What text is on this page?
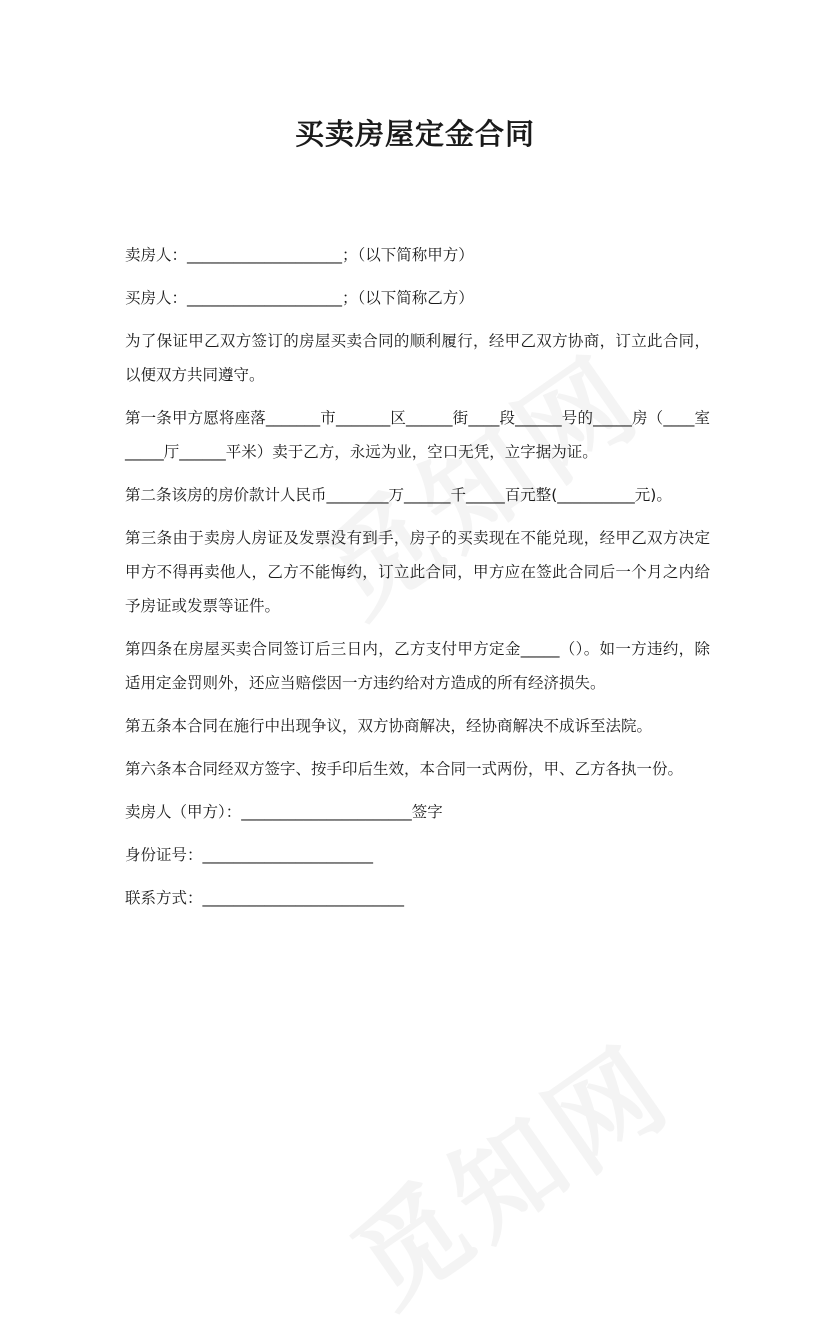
买卖房屋定金合同

卖房人：____________________；（以下简称甲方）

买房人：____________________；（以下简称乙方）

为了保证甲乙双方签订的房屋买卖合同的顺利履行，经甲乙双方协商，订立此合同，以便双方共同遵守。

第一条甲方愿将座落_______市_______区______街____段______号的_____房（____室_____厅______平米）卖于乙方，永远为业，空口无凭，立字据为证。

第二条该房的房价款计人民币________万______千_____百元整(__________元)。

第三条由于卖房人房证及发票没有到手，房子的买卖现在不能兑现，经甲乙双方决定甲方不得再卖他人，乙方不能悔约，订立此合同，甲方应在签此合同后一个月之内给予房证或发票等证件。

第四条在房屋买卖合同签订后三日内，乙方支付甲方定金_____（）。如一方违约，除适用定金罚则外，还应当赔偿因一方违约给对方造成的所有经济损失。

第五条本合同在施行中出现争议，双方协商解决，经协商解决不成诉至法院。

第六条本合同经双方签字、按手印后生效，本合同一式两份，甲、乙方各执一份。

卖房人（甲方）：______________________签字

身份证号：______________________

联系方式：__________________________
